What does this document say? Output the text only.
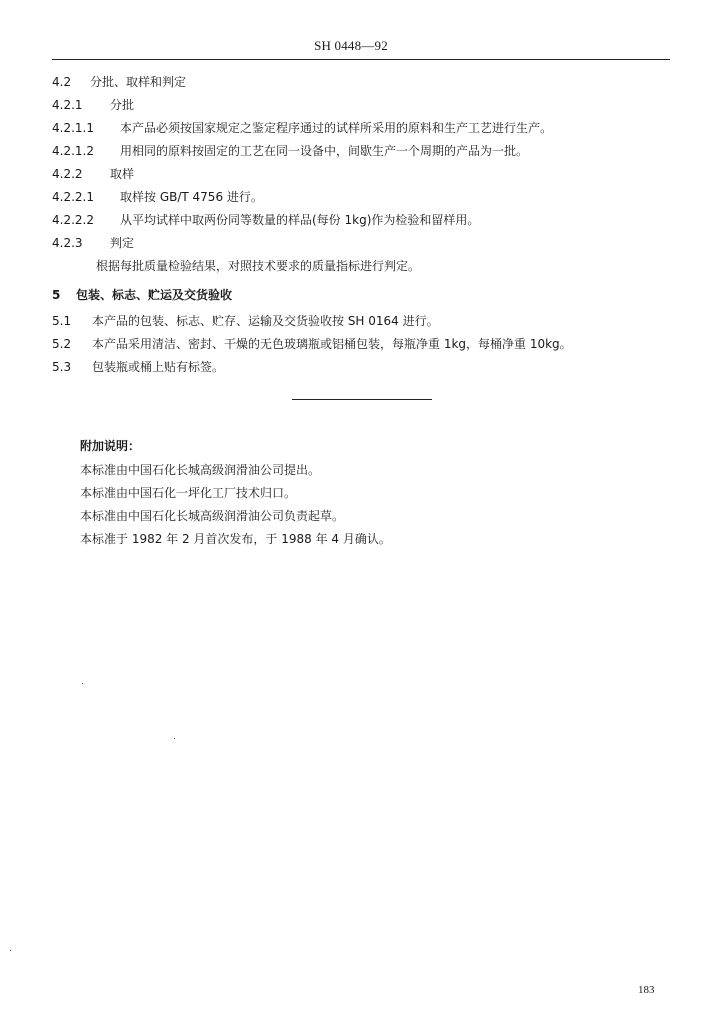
SH 0448—92
4.2 分批、取样和判定
4.2.1 分批
4.2.1.1 本产品必须按国家规定之鉴定程序通过的试样所采用的原料和生产工艺进行生产。
4.2.1.2 用相同的原料按固定的工艺在同一设备中，间歇生产一个周期的产品为一批。
4.2.2 取样
4.2.2.1 取样按 GB/T 4756 进行。
4.2.2.2 从平均试样中取两份同等数量的样品(每份 1kg)作为检验和留样用。
4.2.3 判定
根据每批质量检验结果，对照技术要求的质量指标进行判定。
5 包装、标志、贮运及交货验收
5.1 本产品的包装、标志、贮存、运输及交货验收按 SH 0164 进行。
5.2 本产品采用清洁、密封、干燥的无色玻璃瓶或铝桶包装，每瓶净重 1kg，每桶净重 10kg。
5.3 包装瓶或桶上贴有标签。
附加说明：
本标准由中国石化长城高级润滑油公司提出。
本标准由中国石化一坪化工厂技术归口。
本标准由中国石化长城高级润滑油公司负责起草。
本标准于 1982 年 2 月首次发布，于 1988 年 4 月确认。
183
